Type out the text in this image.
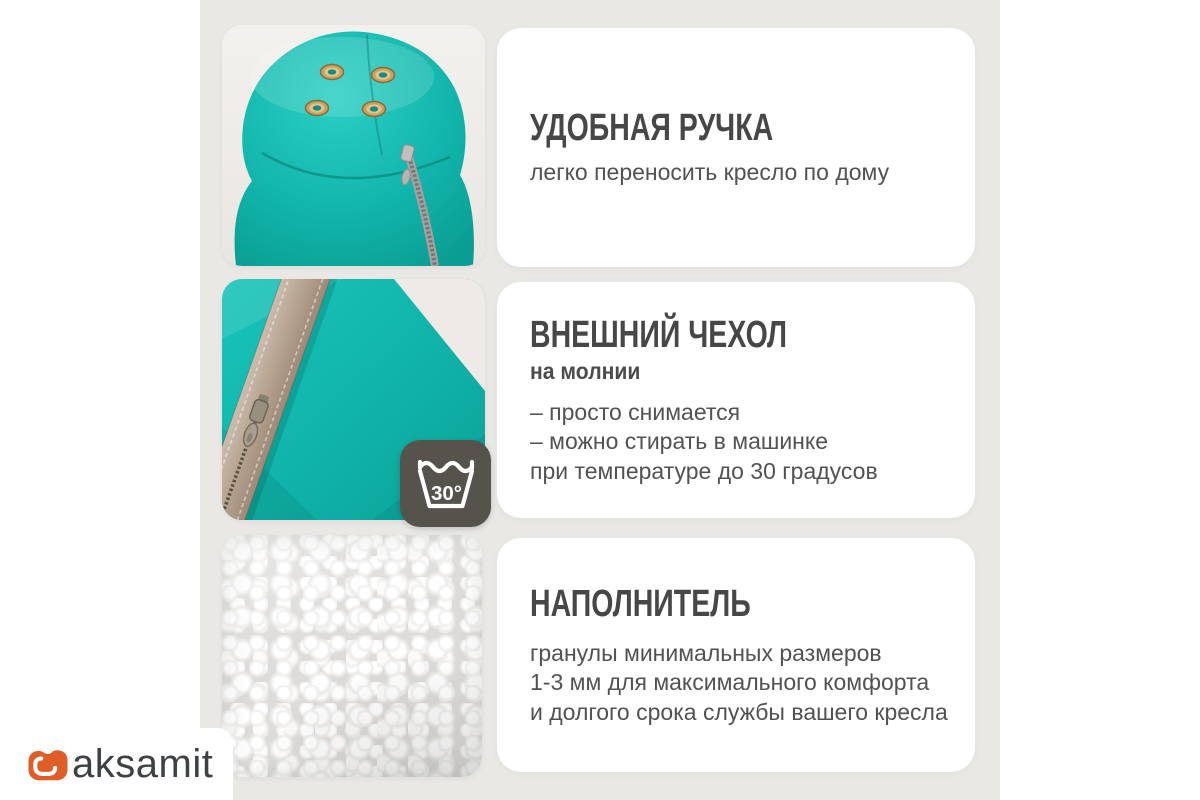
УДОБНАЯ РУЧКА
легко переносить кресло по дому
ВНЕШНИЙ ЧЕХОЛ
на молнии
– просто снимается
– можно стирать в машинке
при температуре до 30 градусов
30°
НАПОЛНИТЕЛЬ
гранулы минимальных размеров
1-3 мм для максимального комфорта
и долгого срока службы вашего кресла
aksamit
